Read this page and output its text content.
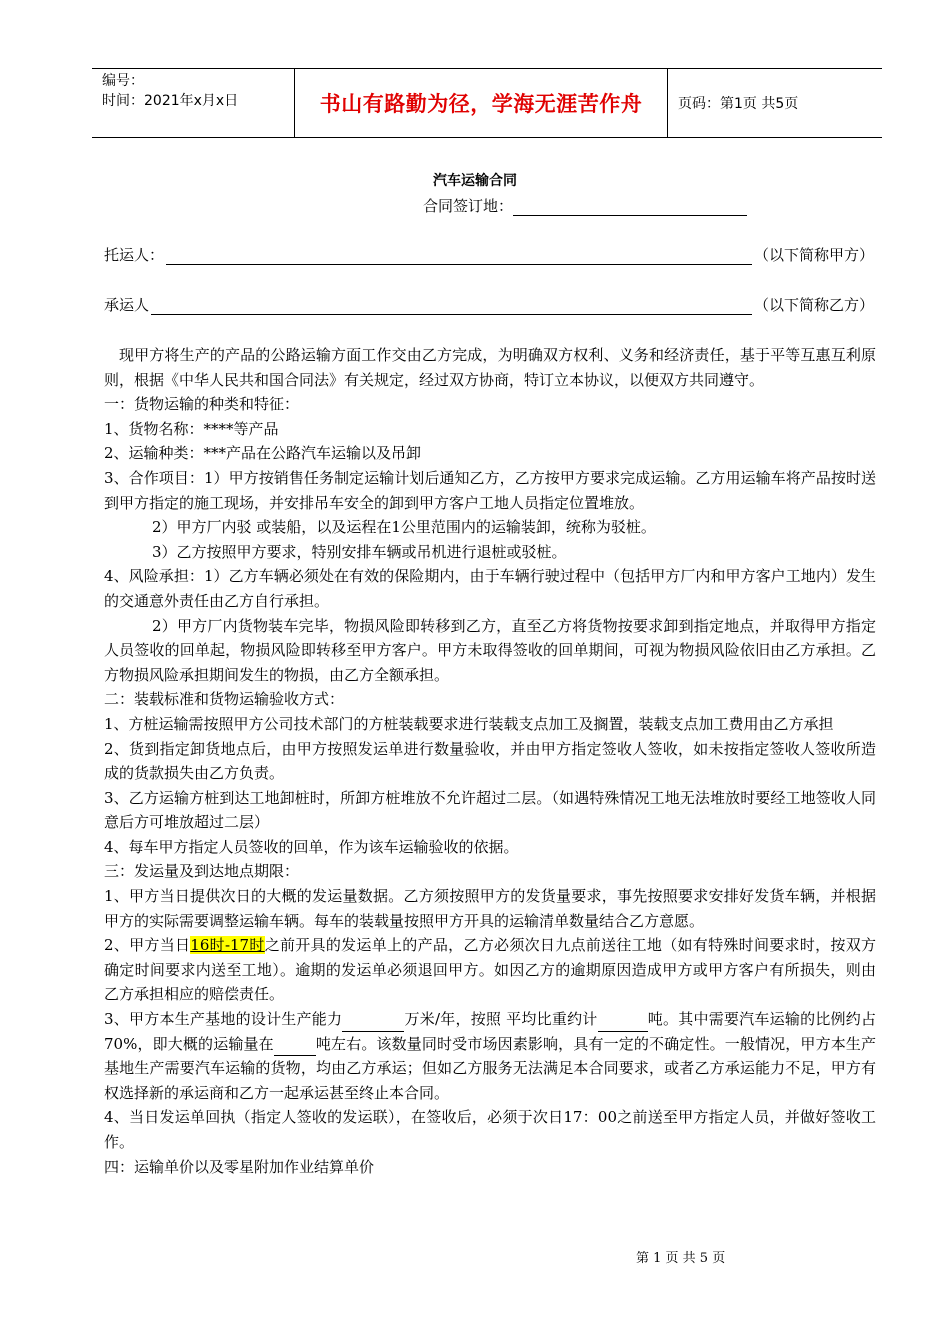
编号：
时间：2021年x月x日	书山有路勤为径，学海无涯苦作舟	页码：第1页 共5页
汽车运输合同
合同签订地：
托运人：	（以下简称甲方）
承运人	（以下简称乙方）

现甲方将生产的产品的公路运输方面工作交由乙方完成，为明确双方权利、义务和经济责任，基于平等互惠互利原则，根据《中华人民共和国合同法》有关规定，经过双方协商，特订立本协议，以便双方共同遵守。

一：货物运输的种类和特征：

1、货物名称：****等产品

2、运输种类：***产品在公路汽车运输以及吊卸

3、合作项目：1）甲方按销售任务制定运输计划后通知乙方，乙方按甲方要求完成运输。乙方用运输车将产品按时送到甲方指定的施工现场，并安排吊车安全的卸到甲方客户工地人员指定位置堆放。

2）甲方厂内驳 或装船，以及运程在1公里范围内的运输装卸，统称为驳桩。

3）乙方按照甲方要求，特别安排车辆或吊机进行退桩或驳桩。

4、风险承担：1）乙方车辆必须处在有效的保险期内，由于车辆行驶过程中（包括甲方厂内和甲方客户工地内）发生的交通意外责任由乙方自行承担。

2）甲方厂内货物装车完毕，物损风险即转移到乙方，直至乙方将货物按要求卸到指定地点，并取得甲方指定人员签收的回单起，物损风险即转移至甲方客户。甲方未取得签收的回单期间，可视为物损风险依旧由乙方承担。乙方物损风险承担期间发生的物损，由乙方全额承担。

二：装载标准和货物运输验收方式：

1、方桩运输需按照甲方公司技术部门的方桩装载要求进行装载支点加工及搁置，装载支点加工费用由乙方承担

2、货到指定卸货地点后，由甲方按照发运单进行数量验收，并由甲方指定签收人签收，如未按指定签收人签收所造成的货款损失由乙方负责。

3、乙方运输方桩到达工地卸桩时，所卸方桩堆放不允许超过二层。（如遇特殊情况工地无法堆放时要经工地签收人同意后方可堆放超过二层）

4、每车甲方指定人员签收的回单，作为该车运输验收的依据。

三：发运量及到达地点期限：

1、甲方当日提供次日的大概的发运量数据。乙方须按照甲方的发货量要求，事先按照要求安排好发货车辆，并根据甲方的实际需要调整运输车辆。每车的装载量按照甲方开具的运输清单数量结合乙方意愿。

2、甲方当日16时-17时之前开具的发运单上的产品，乙方必须次日九点前送往工地（如有特殊时间要求时，按双方确定时间要求内送至工地）。逾期的发运单必须退回甲方。如因乙方的逾期原因造成甲方或甲方客户有所损失，则由乙方承担相应的赔偿责任。

3、甲方本生产基地的设计生产能力	万米/年，按照 平均比重约计	吨。其中需要汽车运输的比例约占70%，即大概的运输量在	吨左右。该数量同时受市场因素影响，具有一定的不确定性。一般情况，甲方本生产基地生产需要汽车运输的货物，均由乙方承运；但如乙方服务无法满足本合同要求，或者乙方承运能力不足，甲方有权选择新的承运商和乙方一起承运甚至终止本合同。

4、当日发运单回执（指定人签收的发运联），在签收后，必须于次日17：00之前送至甲方指定人员，并做好签收工作。

四：运输单价以及零星附加作业结算单价

第 1 页 共 5 页
